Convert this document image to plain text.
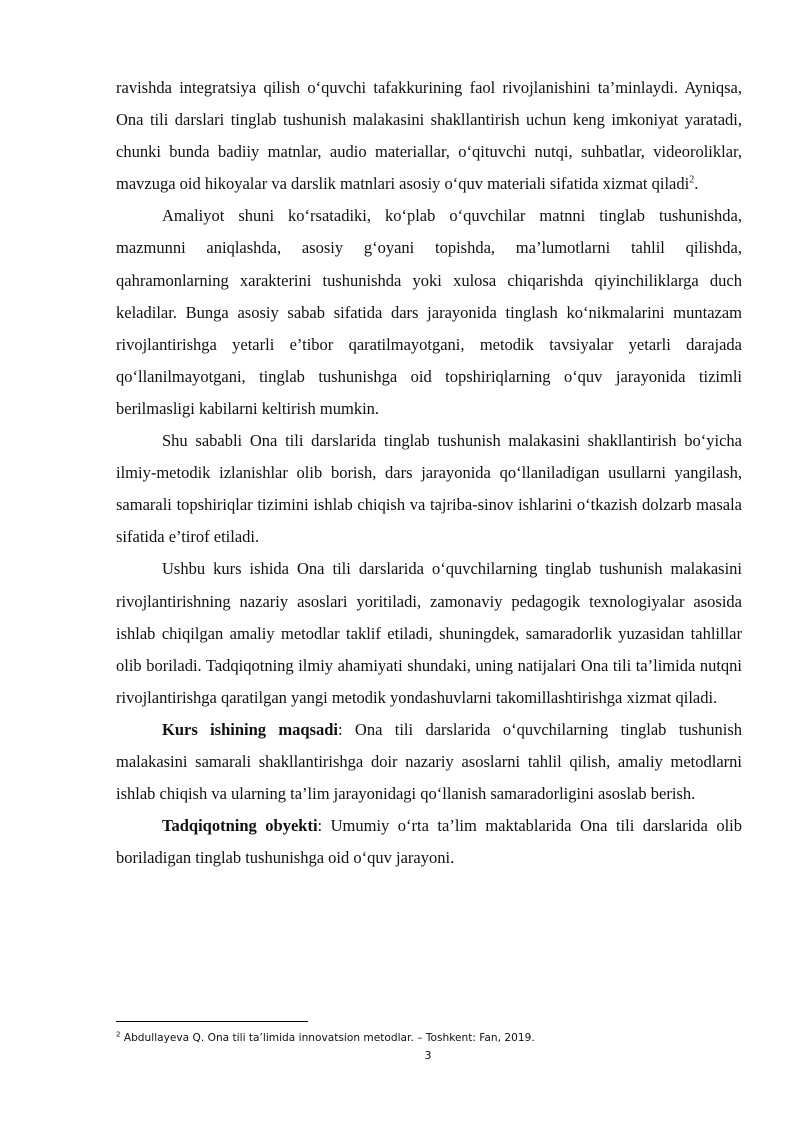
ravishda integratsiya qilish o‘quvchi tafakkurining faol rivojlanishini ta’minlaydi. Ayniqsa, Ona tili darslari tinglab tushunish malakasini shakllantirish uchun keng imkoniyat yaratadi, chunki bunda badiiy matnlar, audio materiallar, o‘qituvchi nutqi, suhbatlar, videoroliklar, mavzuga oid hikoyalar va darslik matnlari asosiy o‘quv materiali sifatida xizmat qiladi$^2$.

Amaliyot shuni ko‘rsatadiki, ko‘plab o‘quvchilar matnni tinglab tushunishda, mazmunni aniqlashda, asosiy g‘oyani topishda, ma’lumotlarni tahlil qilishda, qahramonlarning xarakterini tushunishda yoki xulosa chiqarishda qiyinchiliklarga duch keladilar. Bunga asosiy sabab sifatida dars jarayonida tinglash ko‘nikmalarini muntazam rivojlantirishga yetarli e’tibor qaratilmayotgani, metodik tavsiyalar yetarli darajada qo‘llanilmayotgani, tinglab tushunishga oid topshiriqlarning o‘quv jarayonida tizimli berilmasligi kabilarni keltirish mumkin.

Shu sababli Ona tili darslarida tinglab tushunish malakasini shakllantirish bo‘yicha ilmiy-metodik izlanishlar olib borish, dars jarayonida qo‘llaniladigan usullarni yangilash, samarali topshiriqlar tizimini ishlab chiqish va tajriba-sinov ishlarini o‘tkazish dolzarb masala sifatida e’tirof etiladi.

Ushbu kurs ishida Ona tili darslarida o‘quvchilarning tinglab tushunish malakasini rivojlantirishning nazariy asoslari yoritiladi, zamonaviy pedagogik texnologiyalar asosida ishlab chiqilgan amaliy metodlar taklif etiladi, shuningdek, samaradorlik yuzasidan tahlillar olib boriladi. Tadqiqotning ilmiy ahamiyati shundaki, uning natijalari Ona tili ta’limida nutqni rivojlantirishga qaratilgan yangi metodik yondashuvlarni takomillashtirishga xizmat qiladi.

Kurs ishining maqsadi: Ona tili darslarida o‘quvchilarning tinglab tushunish malakasini samarali shakllantirishga doir nazariy asoslarni tahlil qilish, amaliy metodlarni ishlab chiqish va ularning ta’lim jarayonidagi qo‘llanish samaradorligini asoslab berish.

Tadqiqotning obyekti: Umumiy o‘rta ta’lim maktablarida Ona tili darslarida olib boriladigan tinglab tushunishga oid o‘quv jarayoni.

$^2$ Abdullayeva Q. Ona tili ta’limida innovatsion metodlar. – Toshkent: Fan, 2019.
3
